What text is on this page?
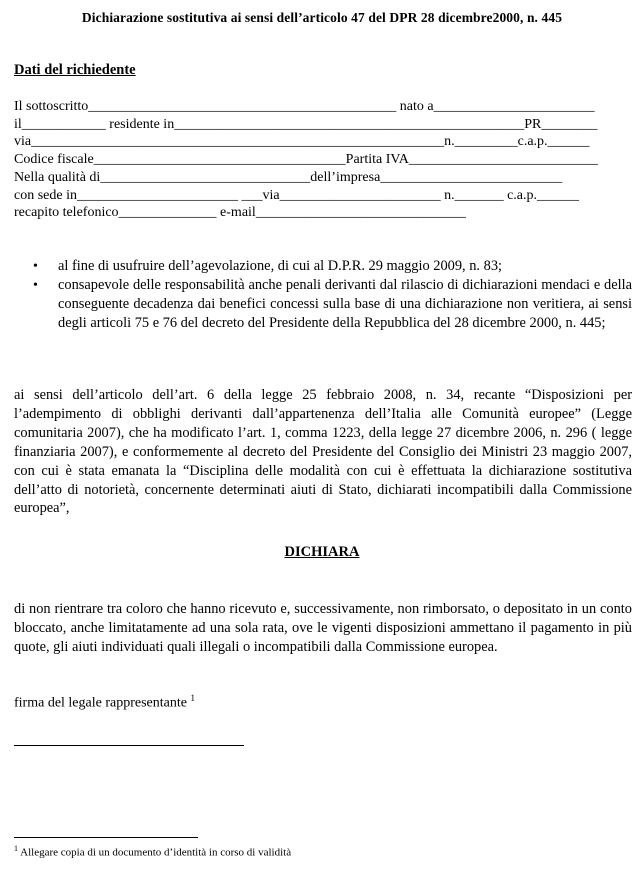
Dichiarazione sostitutiva ai sensi dell’articolo 47 del DPR 28 dicembre2000, n. 445
Dati del richiedente
Il sottoscritto____________________________________________ nato a_______________________
il____________ residente in__________________________________________________PR________
via___________________________________________________________n._________c.a.p.______
Codice fiscale____________________________________Partita IVA___________________________
Nella qualità di______________________________dell’impresa__________________________
con sede in_______________________ ___via_______________________ n._______ c.a.p.______
recapito telefonico______________ e-mail______________________________
• al fine di usufruire dell’agevolazione, di cui al D.P.R. 29 maggio 2009, n. 83;
• consapevole delle responsabilità anche penali derivanti dal rilascio di dichiarazioni mendaci e della conseguente decadenza dai benefici concessi sulla base di una dichiarazione non veritiera, ai sensi degli articoli 75 e 76 del decreto del Presidente della Repubblica del 28 dicembre 2000, n. 445;

ai sensi dell’articolo dell’art. 6 della legge 25 febbraio 2008, n. 34, recante “Disposizioni per l’adempimento di obblighi derivanti dall’appartenenza dell’Italia alle Comunità europee” (Legge comunitaria 2007), che ha modificato l’art. 1, comma 1223, della legge 27 dicembre 2006, n. 296 ( legge finanziaria 2007), e conformemente al decreto del Presidente del Consiglio dei Ministri 23 maggio 2007, con cui è stata emanata la “Disciplina delle modalità con cui è effettuata la dichiarazione sostitutiva dell’atto di notorietà, concernente determinati aiuti di Stato, dichiarati incompatibili dalla Commissione europea”,

DICHIARA

di non rientrare tra coloro che hanno ricevuto e, successivamente, non rimborsato, o depositato in un conto bloccato, anche limitatamente ad una sola rata, ove le vigenti disposizioni ammettano il pagamento in più quote, gli aiuti individuati quali illegali o incompatibili dalla Commissione europea.

firma del legale rappresentante $^1$
$^1$ Allegare copia di un documento d’identità in corso di validità
